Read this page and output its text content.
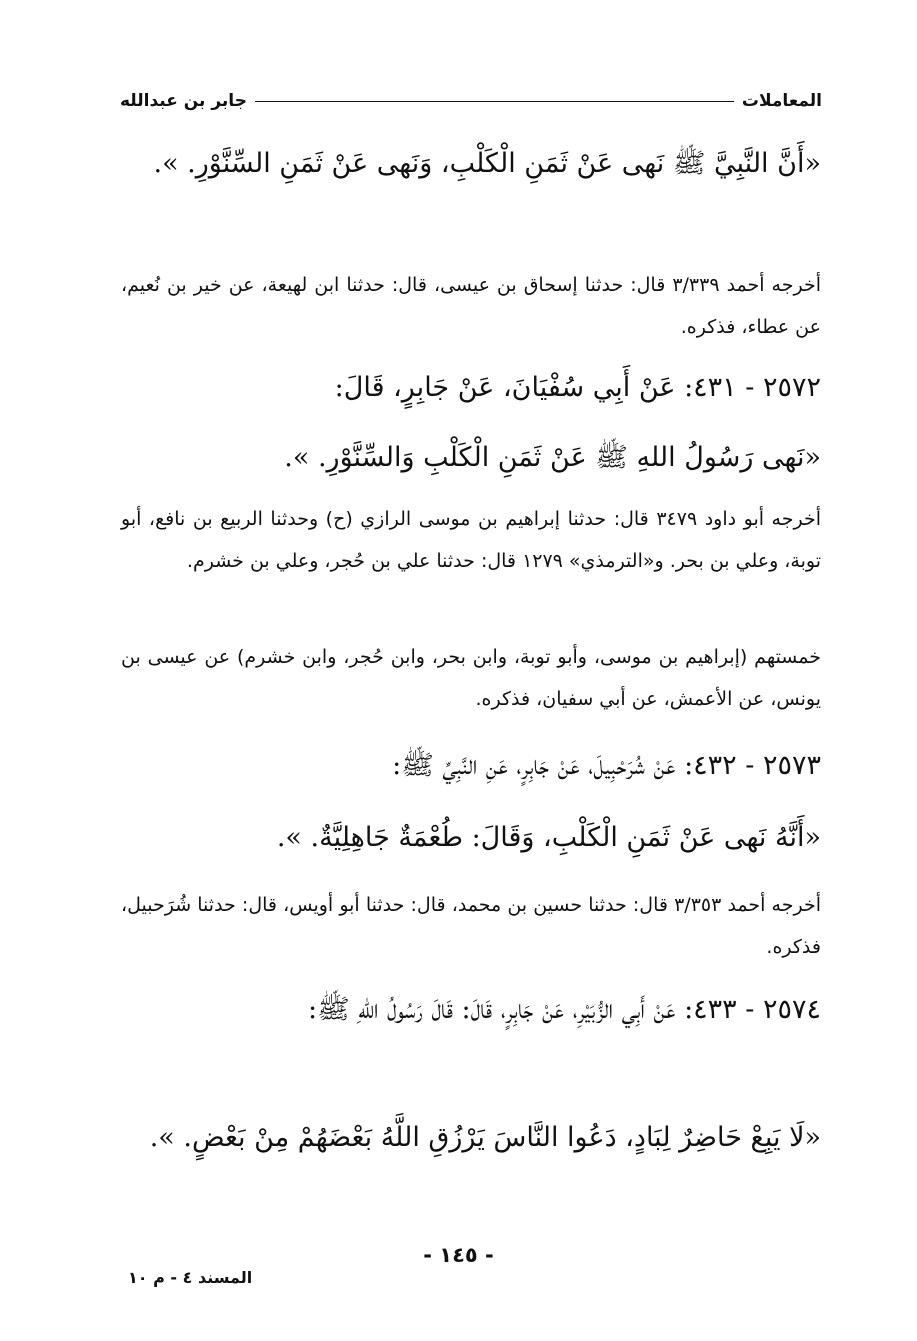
المعاملات
جابر بن عبدالله
«أَنَّ النَّبِيَّ ﷺ نَهى عَنْ ثَمَنِ الْكَلْبِ، وَنَهى عَنْ ثَمَنِ السِّنَّوْرِ. ».
أخرجه أحمد ٣/٣٣٩ قال: حدثنا إسحاق بن عيسى، قال: حدثنا ابن لهيعة، عن خير بن نُعيم، عن عطاء، فذكره.
٢٥٧٢ - ٤٣١: عَنْ أَبِي سُفْيَانَ، عَنْ جَابِرٍ، قَالَ:
«نَهى رَسُولُ اللهِ ﷺ عَنْ ثَمَنِ الْكَلْبِ وَالسِّنَّوْرِ. ».
أخرجه أبو داود ٣٤٧٩ قال: حدثنا إبراهيم بن موسى الرازي (ح) وحدثنا الربيع بن نافع، أبو توبة، وعلي بن بحر. و«الترمذي» ١٢٧٩ قال: حدثنا علي بن حُجر، وعلي بن خشرم.
خمستهم (إبراهيم بن موسى، وأبو توبة، وابن بحر، وابن حُجر، وابن خشرم) عن عيسى بن يونس، عن الأعمش، عن أبي سفيان، فذكره.
٢٥٧٣ - ٤٣٢: عَنْ شُرَحْبِيلَ، عَنْ جَابِرٍ، عَنِ النَّبِيِّ ﷺ:
«أَنَّهُ نَهى عَنْ ثَمَنِ الْكَلْبِ، وَقَالَ: طُعْمَةٌ جَاهِلِيَّةٌ. ».
أخرجه أحمد ٣/٣٥٣ قال: حدثنا حسين بن محمد، قال: حدثنا أبو أويس، قال: حدثنا شُرَحبيل، فذكره.
٢٥٧٤ - ٤٣٣: عَنْ أَبِي الزُّبَيْرِ، عَنْ جَابِرٍ، قَالَ: قَالَ رَسُولُ اللهِ ﷺ:
«لَا يَبِعْ حَاضِرٌ لِبَادٍ، دَعُوا النَّاسَ يَرْزُقِ اللَّهُ بَعْضَهُمْ مِنْ بَعْضٍ. ».
- ١٤٥ -
المسند ٤ - م ١٠
